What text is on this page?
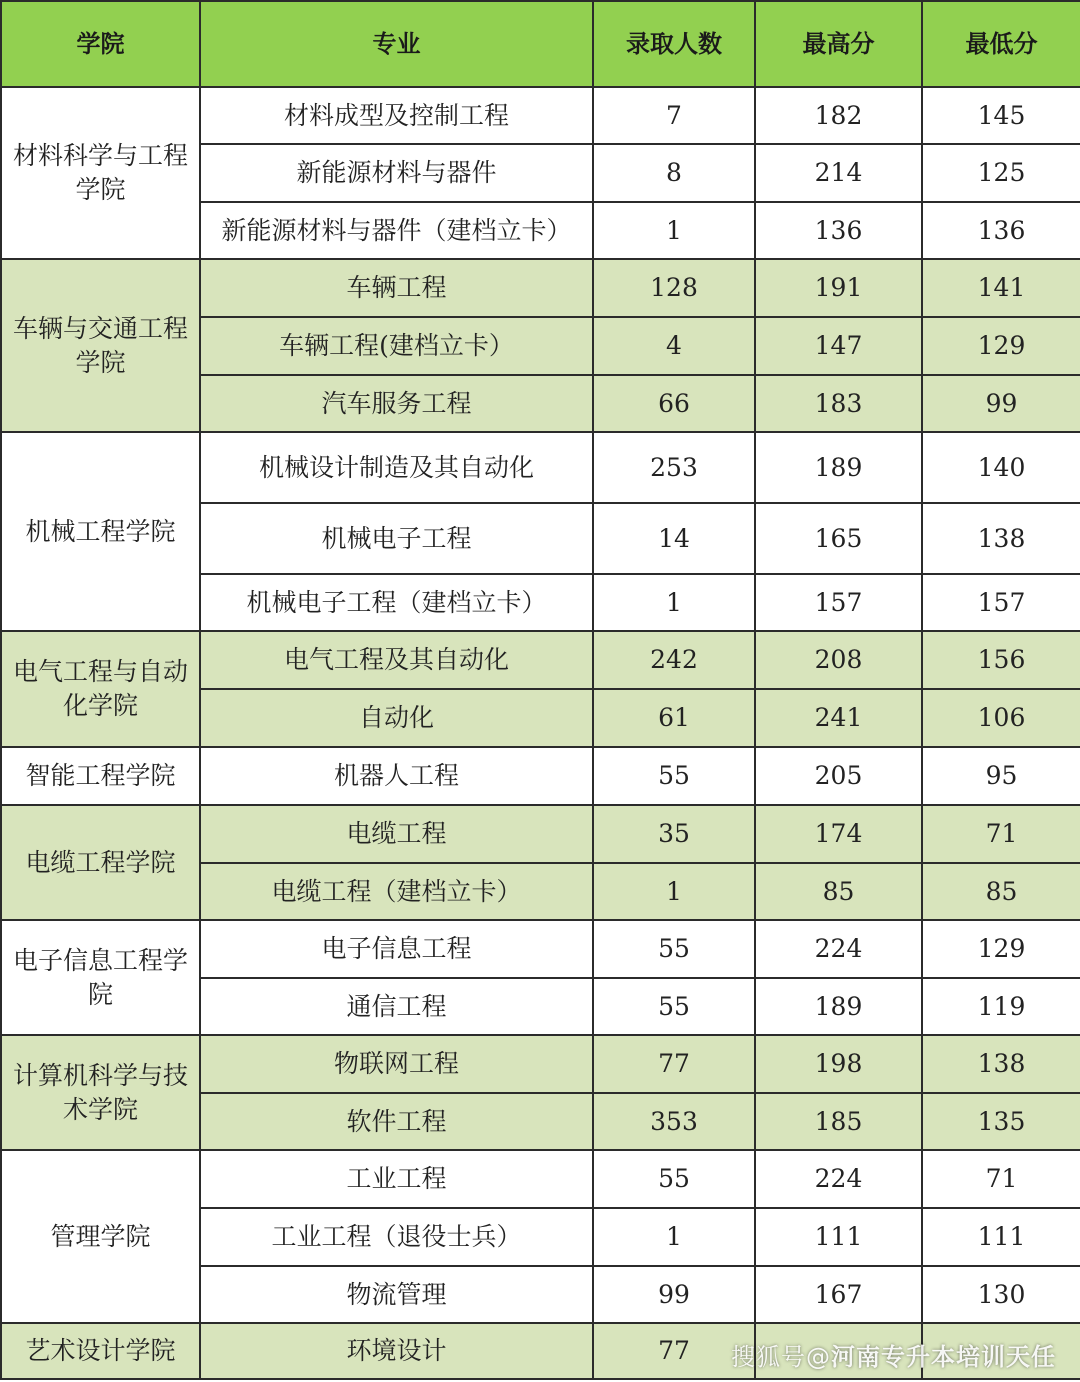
学院	专业	录取人数	最高分	最低分
材料科学与工程学院	材料成型及控制工程	7	182	145
	新能源材料与器件	8	214	125

	新能源材料与器件（建档立卡）	1	136	136
车辆与交通工程学院	车辆工程	128	191	141
	车辆工程(建档立卡）	4	147	129
	汽车服务工程	66	183	99
机械工程学院	机械设计制造及其自动化	253	189	140
	机械电子工程	14	165	138
	机械电子工程（建档立卡）	1	157	157
电气工程与自动化学院	电气工程及其自动化	242	208	156
	自动化	61	241	106
智能工程学院	机器人工程	55	205	95
电缆工程学院	电缆工程	35	174	71
	电缆工程（建档立卡）	1	85	85
电子信息工程学院	电子信息工程	55	224	129
	通信工程	55	189	119
计算机科学与技术学院	物联网工程	77	198	138
	软件工程	353	185	135
管理学院	工业工程	55	224	71
	工业工程（退役士兵）	1	111	111
	物流管理	99	167	130
艺术设计学院	环境设计	77		搜狐号@河南专升本培训天任
